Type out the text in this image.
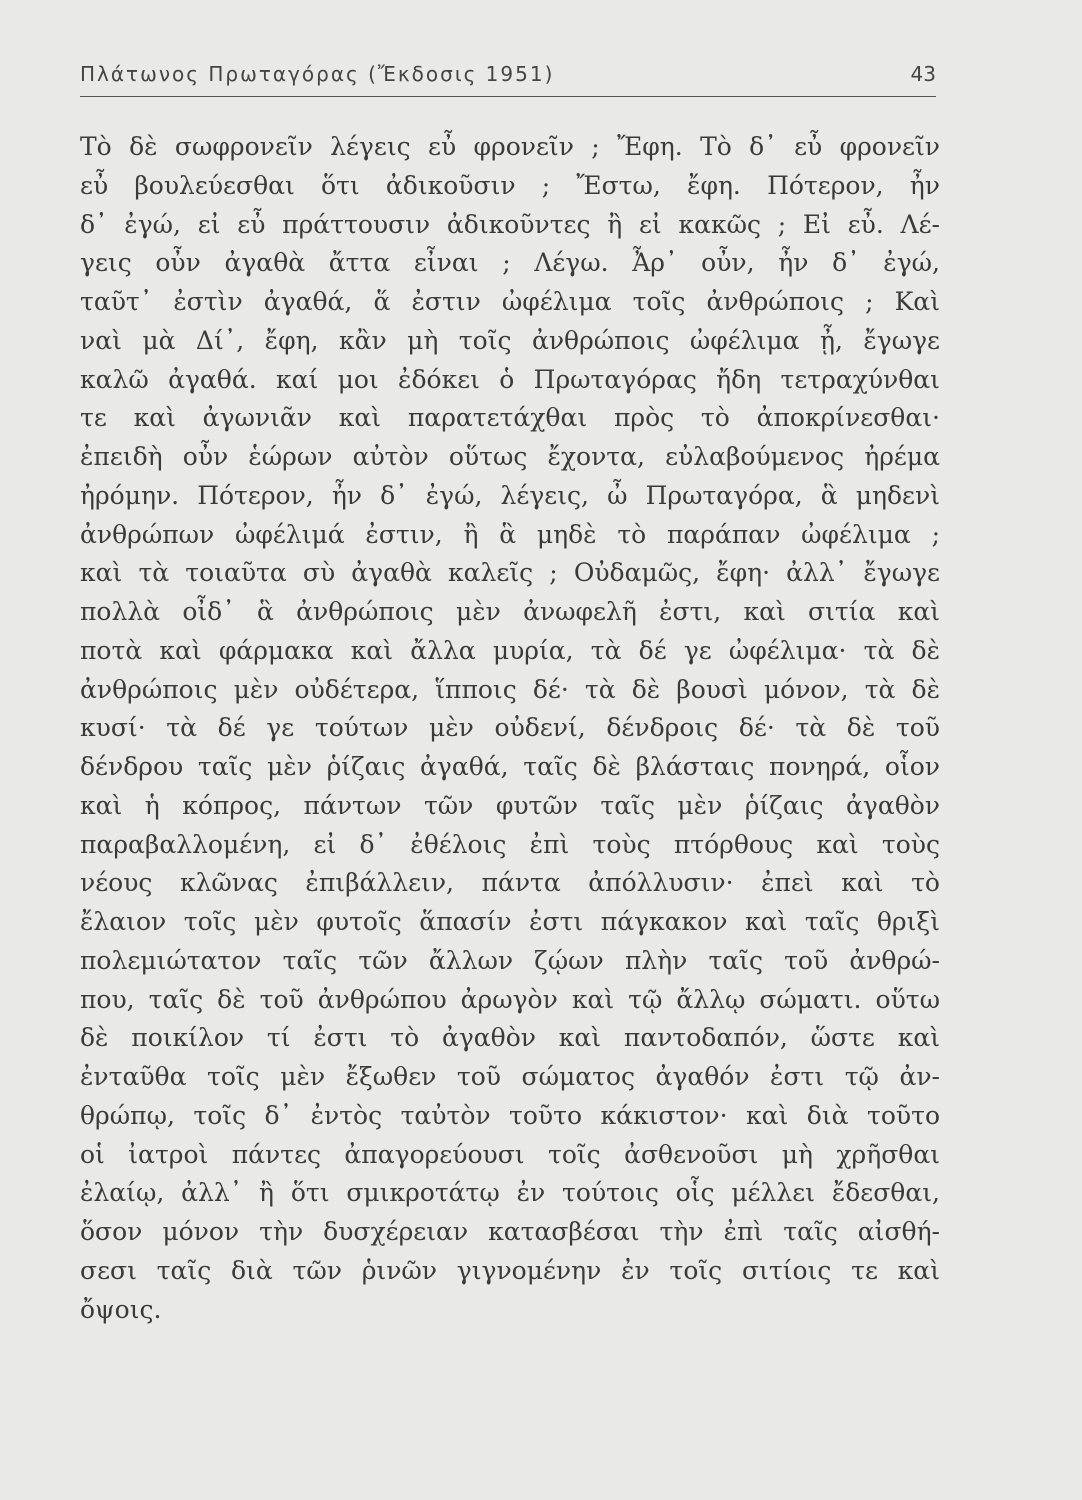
Πλάτωνος Πρωταγόρας (Ἔκδοσις 1951)	43
Τὸ δὲ σωφρονεῖν λέγεις εὖ φρονεῖν ; Ἔφη. Τὸ δ᾽ εὖ φρονεῖν
εὖ βουλεύεσθαι ὅτι ἀδικοῦσιν ; Ἔστω, ἔφη. Πότερον, ἦν
δ᾽ ἐγώ, εἰ εὖ πράττουσιν ἀδικοῦντες ἢ εἰ κακῶς ; Εἰ εὖ. Λέ-
γεις οὖν ἀγαθὰ ἄττα εἶναι ; Λέγω. Ἆρ᾽ οὖν, ἦν δ᾽ ἐγώ,
ταῦτ᾽ ἐστὶν ἀγαθά, ἅ ἐστιν ὠφέλιμα τοῖς ἀνθρώποις ; Καὶ
ναὶ μὰ Δί᾽, ἔφη, κἂν μὴ τοῖς ἀνθρώποις ὠφέλιμα ᾖ, ἔγωγε
καλῶ ἀγαθά. καί μοι ἐδόκει ὁ Πρωταγόρας ἤδη τετραχύνθαι
τε καὶ ἀγωνιᾶν καὶ παρατετάχθαι πρὸς τὸ ἀποκρίνεσθαι·
ἐπειδὴ οὖν ἑώρων αὐτὸν οὕτως ἔχοντα, εὐλαβούμενος ἠρέμα
ἠρόμην. Πότερον, ἦν δ᾽ ἐγώ, λέγεις, ὦ Πρωταγόρα, ἃ μηδενὶ
ἀνθρώπων ὠφέλιμά ἐστιν, ἢ ἃ μηδὲ τὸ παράπαν ὠφέλιμα ;
καὶ τὰ τοιαῦτα σὺ ἀγαθὰ καλεῖς ; Οὐδαμῶς, ἔφη· ἀλλ᾽ ἔγωγε
πολλὰ οἶδ᾽ ἃ ἀνθρώποις μὲν ἀνωφελῆ ἐστι, καὶ σιτία καὶ
ποτὰ καὶ φάρμακα καὶ ἄλλα μυρία, τὰ δέ γε ὠφέλιμα· τὰ δὲ
ἀνθρώποις μὲν οὐδέτερα, ἵπποις δέ· τὰ δὲ βουσὶ μόνον, τὰ δὲ
κυσί· τὰ δέ γε τούτων μὲν οὐδενί, δένδροις δέ· τὰ δὲ τοῦ
δένδρου ταῖς μὲν ῥίζαις ἀγαθά, ταῖς δὲ βλάσταις πονηρά, οἷον
καὶ ἡ κόπρος, πάντων τῶν φυτῶν ταῖς μὲν ῥίζαις ἀγαθὸν
παραβαλλομένη, εἰ δ᾽ ἐθέλοις ἐπὶ τοὺς πτόρθους καὶ τοὺς
νέους κλῶνας ἐπιβάλλειν, πάντα ἀπόλλυσιν· ἐπεὶ καὶ τὸ
ἔλαιον τοῖς μὲν φυτοῖς ἅπασίν ἐστι πάγκακον καὶ ταῖς θριξὶ
πολεμιώτατον ταῖς τῶν ἄλλων ζῴων πλὴν ταῖς τοῦ ἀνθρώ-
που, ταῖς δὲ τοῦ ἀνθρώπου ἀρωγὸν καὶ τῷ ἄλλῳ σώματι. οὕτω
δὲ ποικίλον τί ἐστι τὸ ἀγαθὸν καὶ παντοδαπόν, ὥστε καὶ
ἐνταῦθα τοῖς μὲν ἔξωθεν τοῦ σώματος ἀγαθόν ἐστι τῷ ἀν-
θρώπῳ, τοῖς δ᾽ ἐντὸς ταὐτὸν τοῦτο κάκιστον· καὶ διὰ τοῦτο
οἱ ἰατροὶ πάντες ἀπαγορεύουσι τοῖς ἀσθενοῦσι μὴ χρῆσθαι
ἐλαίῳ, ἀλλ᾽ ἢ ὅτι σμικροτάτῳ ἐν τούτοις οἷς μέλλει ἔδεσθαι,
ὅσον μόνον τὴν δυσχέρειαν κατασβέσαι τὴν ἐπὶ ταῖς αἰσθή-
σεσι ταῖς διὰ τῶν ῥινῶν γιγνομένην ἐν τοῖς σιτίοις τε καὶ
ὄψοις.
